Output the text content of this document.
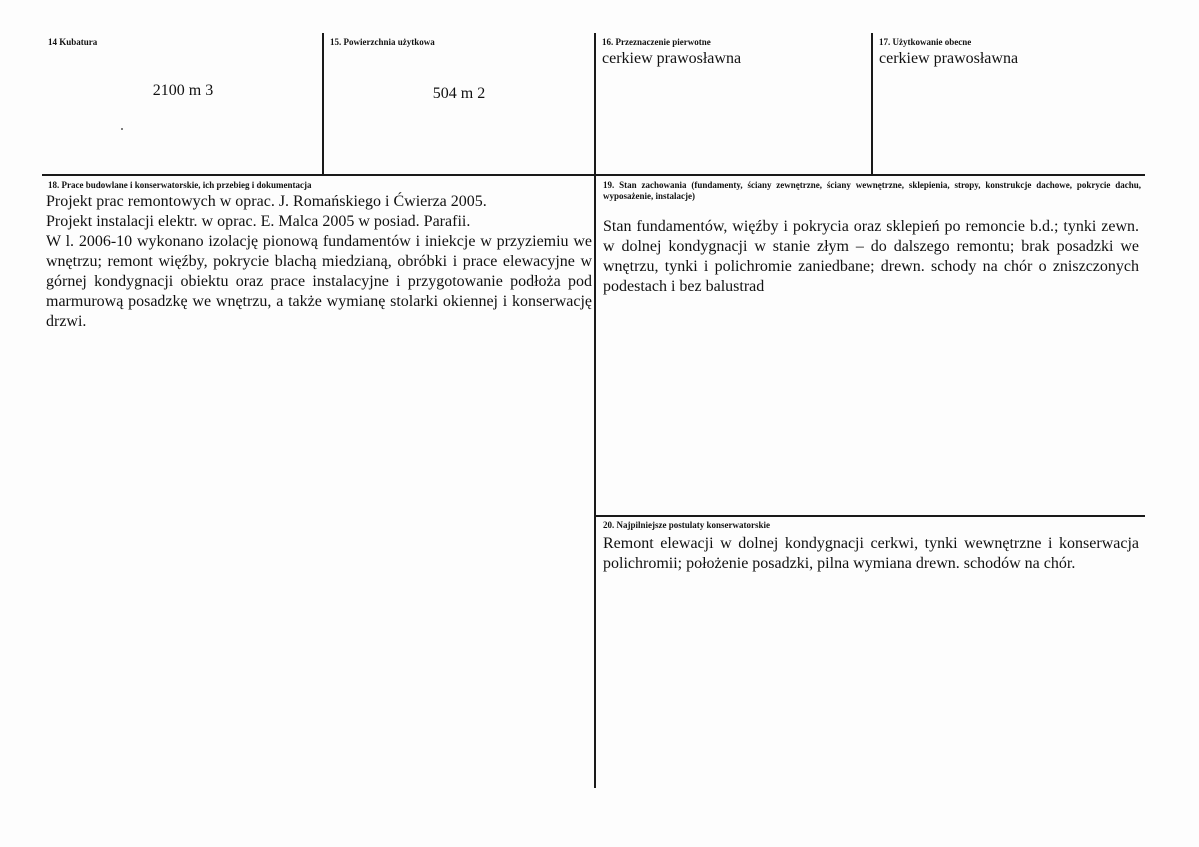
14 Kubatura
2100 m 3
15. Powierzchnia użytkowa
504 m 2
16. Przeznaczenie pierwotne
cerkiew prawosławna
17. Użytkowanie obecne
cerkiew prawosławna
18. Prace budowlane i konserwatorskie, ich przebieg i dokumentacja
Projekt prac remontowych w oprac. J. Romańskiego i Ćwierza 2005.
Projekt instalacji elektr. w oprac. E. Malca 2005 w posiad. Parafii.
W l. 2006-10 wykonano izolację pionową fundamentów i iniekcje w przyziemiu we wnętrzu; remont więźby, pokrycie blachą miedzianą, obróbki i prace elewacyjne w górnej kondygnacji obiektu oraz prace instalacyjne i przygotowanie podłoża pod marmurową posadzkę we wnętrzu, a także wymianę stolarki okiennej i konserwację drzwi.
19. Stan zachowania (fundamenty, ściany zewnętrzne, ściany wewnętrzne, sklepienia, stropy, konstrukcje dachowe, pokrycie dachu, wyposażenie, instalacje)
Stan fundamentów, więźby i pokrycia oraz sklepień po remoncie b.d.; tynki zewn. w dolnej kondygnacji w stanie złym – do dalszego remontu; brak posadzki we wnętrzu, tynki i polichromie zaniedbane; drewn. schody na chór o zniszczonych podestach i bez balustrad
20. Najpilniejsze postulaty konserwatorskie
Remont elewacji w dolnej kondygnacji cerkwi, tynki wewnętrzne i konserwacja polichromii; położenie posadzki, pilna wymiana drewn. schodów na chór.
